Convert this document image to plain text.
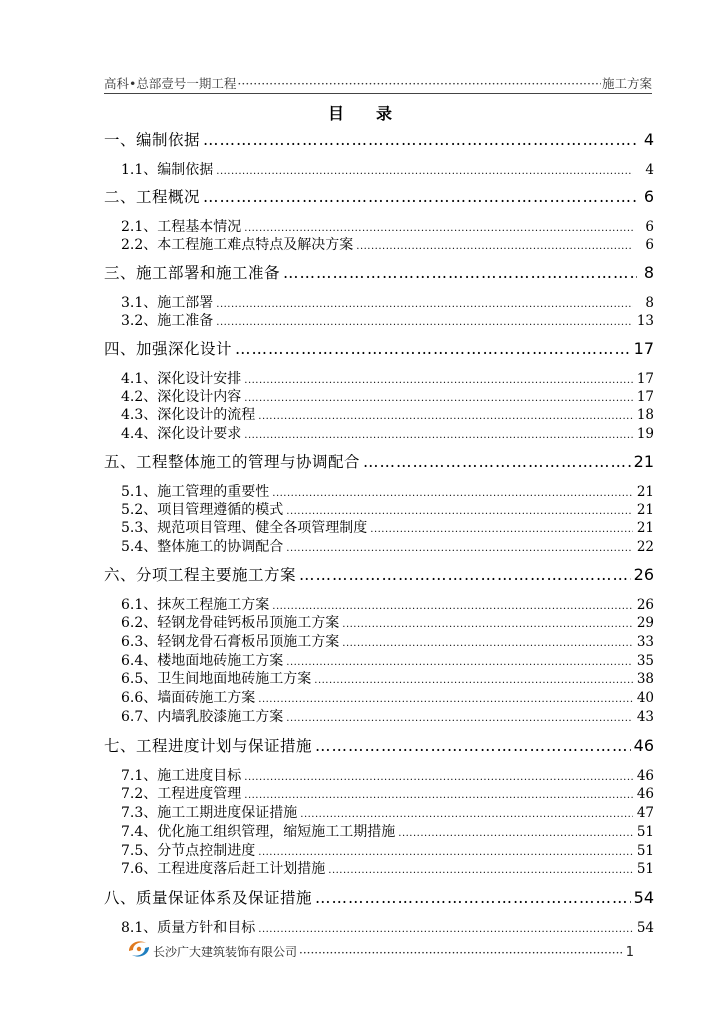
高科•总部壹号一期工程 ·····	施工方案
目 录
一、编制依据 …………………………………………………………………………………………………………………	4
1.1、编制依据 .....	4
二、工程概况 …………………………………………………………………………………………………………………	6
2.1、工程基本情况 .....	6
2.2、本工程施工难点特点及解决方案 .....	6
三、施工部署和施工准备 …………………………………………………………………………………………………………………	8
3.1、施工部署 .....	8
3.2、施工准备 .....	13
四、加强深化设计 …………………………………………………………………………………………………………………	17
4.1、深化设计安排 .....	17
4.2、深化设计内容 .....	17
4.3、深化设计的流程 .....	18
4.4、深化设计要求 .....	19
五、工程整体施工的管理与协调配合 …………………………………………………………………………………………………………………	21
5.1、施工管理的重要性 .....	21
5.2、项目管理遵循的模式 .....	21
5.3、规范项目管理、健全各项管理制度 .....	21
5.4、整体施工的协调配合 .....	22
六、分项工程主要施工方案 …………………………………………………………………………………………………………………	26
6.1、抹灰工程施工方案 .....	26
6.2、轻钢龙骨硅钙板吊顶施工方案 .....	29
6.3、轻钢龙骨石膏板吊顶施工方案 .....	33
6.4、楼地面地砖施工方案 .....	35
6.5、卫生间地面地砖施工方案 .....	38
6.6、墙面砖施工方案 .....	40
6.7、内墙乳胶漆施工方案 .....	43
七、工程进度计划与保证措施 …………………………………………………………………………………………………………………	46
7.1、施工进度目标 .....	46
7.2、工程进度管理 .....	46
7.3、施工工期进度保证措施 .....	47
7.4、优化施工组织管理，缩短施工工期措施 .....	51
7.5、分节点控制进度 .....	51
7.6、工程进度落后赶工计划措施 .....	51
八、质量保证体系及保证措施 …………………………………………………………………………………………………………………	54
8.1、质量方针和目标 .....	54
长沙广大建筑装饰有限公司 ·····	1
